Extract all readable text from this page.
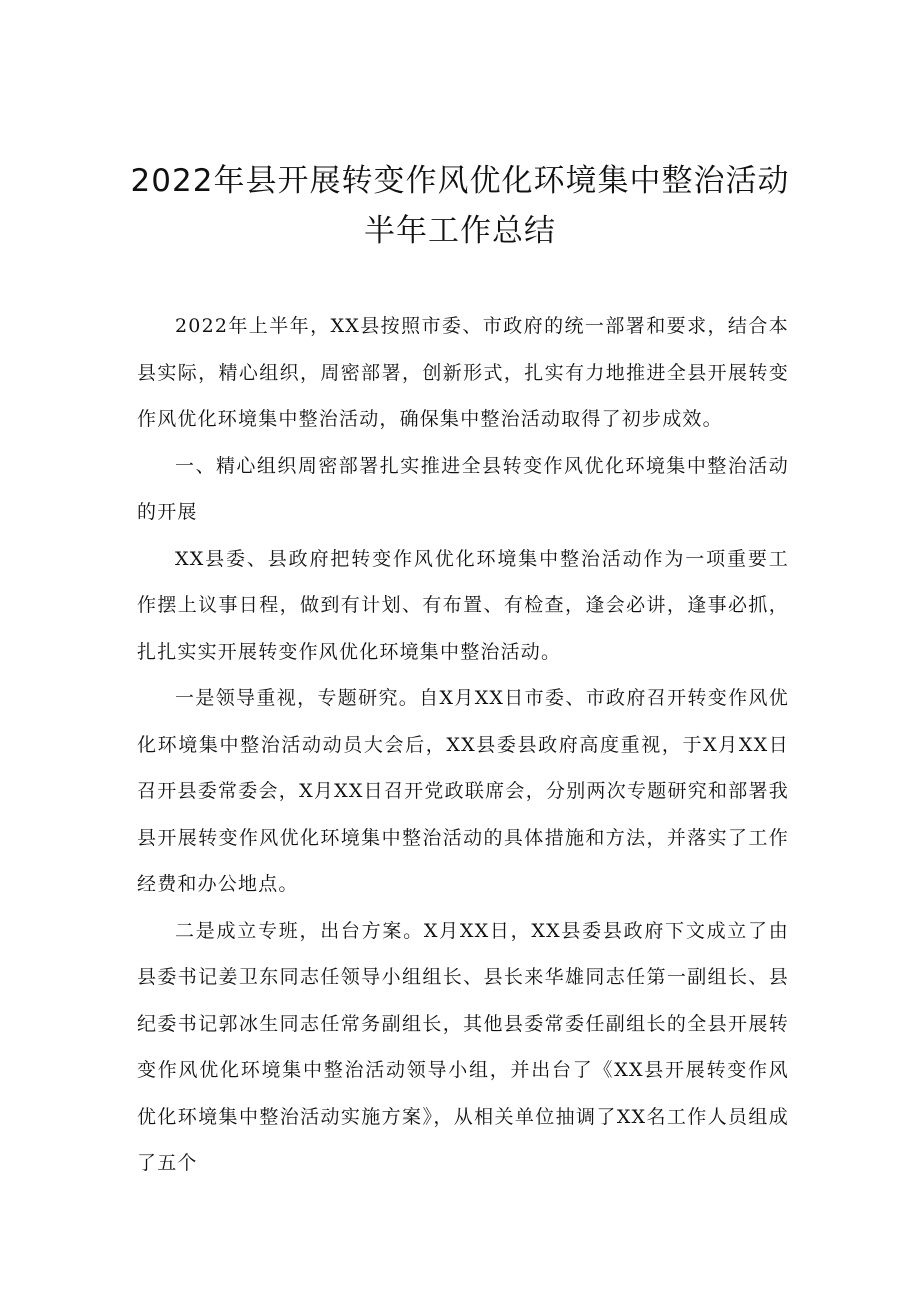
2022年县开展转变作风优化环境集中整治活动
半年工作总结

2022年上半年，XX县按照市委、市政府的统一部署和要求，结合本县实际，精心组织，周密部署，创新形式，扎实有力地推进全县开展转变作风优化环境集中整治活动，确保集中整治活动取得了初步成效。

一、精心组织周密部署扎实推进全县转变作风优化环境集中整治活动的开展

XX县委、县政府把转变作风优化环境集中整治活动作为一项重要工作摆上议事日程，做到有计划、有布置、有检查，逢会必讲，逢事必抓，扎扎实实开展转变作风优化环境集中整治活动。

一是领导重视，专题研究。自X月XX日市委、市政府召开转变作风优化环境集中整治活动动员大会后，XX县委县政府高度重视，于X月XX日召开县委常委会，X月XX日召开党政联席会，分别两次专题研究和部署我县开展转变作风优化环境集中整治活动的具体措施和方法，并落实了工作经费和办公地点。

二是成立专班，出台方案。X月XX日，XX县委县政府下文成立了由县委书记姜卫东同志任领导小组组长、县长来华雄同志任第一副组长、县纪委书记郭冰生同志任常务副组长，其他县委常委任副组长的全县开展转变作风优化环境集中整治活动领导小组，并出台了《XX县开展转变作风优化环境集中整治活动实施方案》，从相关单位抽调了XX名工作人员组成了五个
